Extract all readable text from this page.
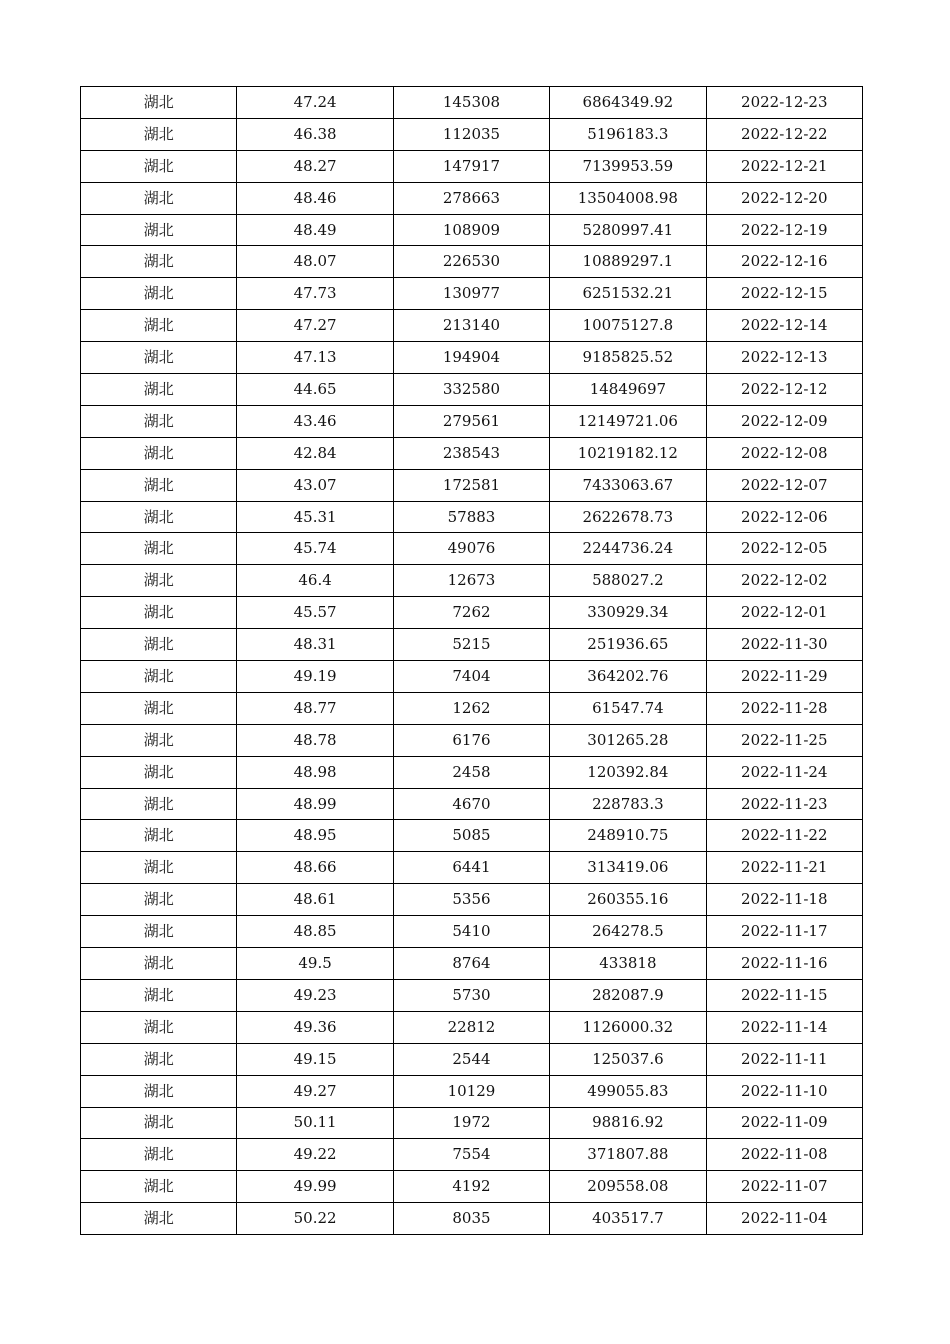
湖北	47.24	145308	6864349.92	2022-12-23
湖北	46.38	112035	5196183.3	2022-12-22
湖北	48.27	147917	7139953.59	2022-12-21
湖北	48.46	278663	13504008.98	2022-12-20
湖北	48.49	108909	5280997.41	2022-12-19
湖北	48.07	226530	10889297.1	2022-12-16
湖北	47.73	130977	6251532.21	2022-12-15
湖北	47.27	213140	10075127.8	2022-12-14
湖北	47.13	194904	9185825.52	2022-12-13
湖北	44.65	332580	14849697	2022-12-12
湖北	43.46	279561	12149721.06	2022-12-09
湖北	42.84	238543	10219182.12	2022-12-08
湖北	43.07	172581	7433063.67	2022-12-07
湖北	45.31	57883	2622678.73	2022-12-06
湖北	45.74	49076	2244736.24	2022-12-05
湖北	46.4	12673	588027.2	2022-12-02
湖北	45.57	7262	330929.34	2022-12-01
湖北	48.31	5215	251936.65	2022-11-30
湖北	49.19	7404	364202.76	2022-11-29
湖北	48.77	1262	61547.74	2022-11-28
湖北	48.78	6176	301265.28	2022-11-25
湖北	48.98	2458	120392.84	2022-11-24
湖北	48.99	4670	228783.3	2022-11-23
湖北	48.95	5085	248910.75	2022-11-22
湖北	48.66	6441	313419.06	2022-11-21
湖北	48.61	5356	260355.16	2022-11-18
湖北	48.85	5410	264278.5	2022-11-17
湖北	49.5	8764	433818	2022-11-16
湖北	49.23	5730	282087.9	2022-11-15
湖北	49.36	22812	1126000.32	2022-11-14
湖北	49.15	2544	125037.6	2022-11-11
湖北	49.27	10129	499055.83	2022-11-10
湖北	50.11	1972	98816.92	2022-11-09
湖北	49.22	7554	371807.88	2022-11-08
湖北	49.99	4192	209558.08	2022-11-07
湖北	50.22	8035	403517.7	2022-11-04
